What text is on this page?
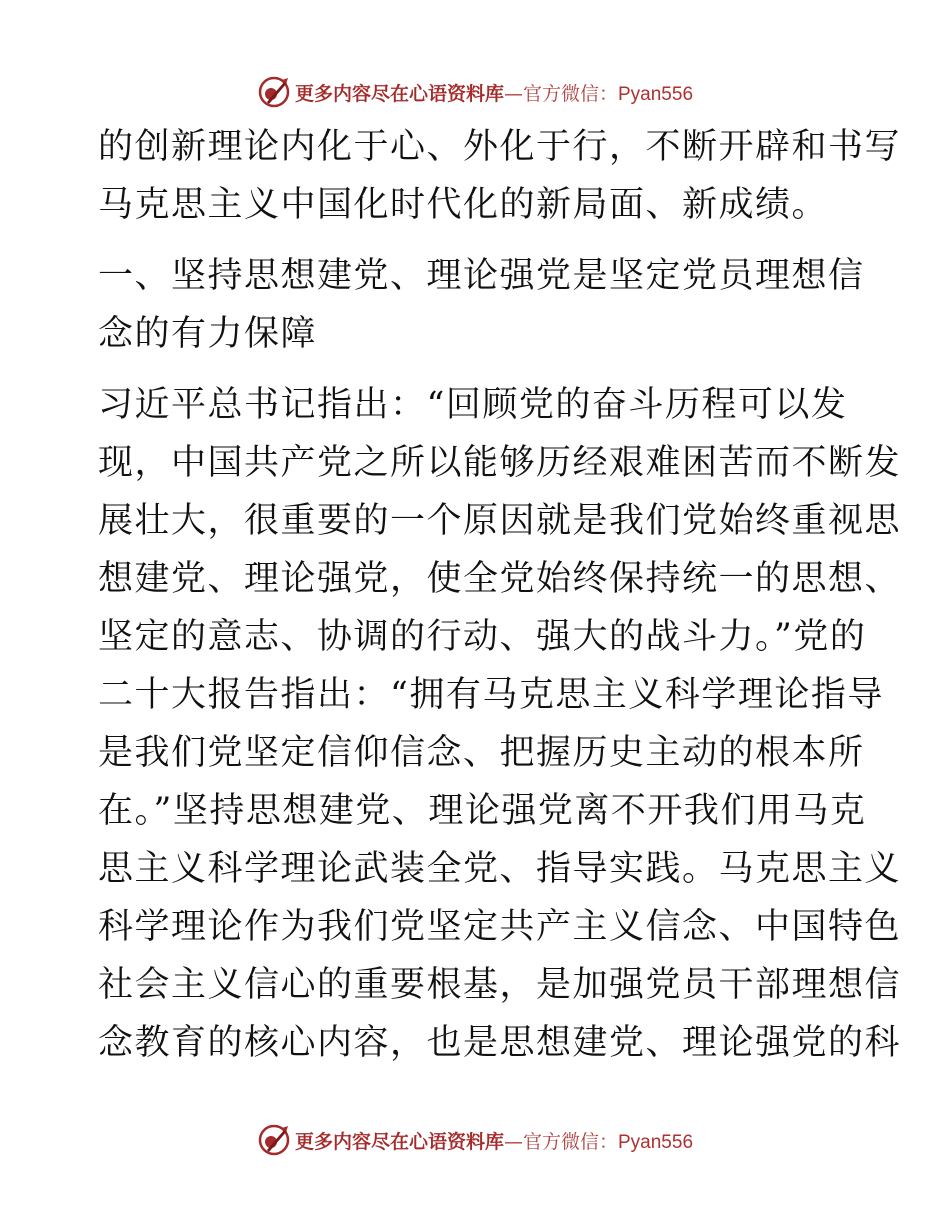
更多内容尽在心语资料库—官方微信：Pyan556
的创新理论内化于心、外化于行，不断开辟和书写
马克思主义中国化时代化的新局面、新成绩。
一、坚持思想建党、理论强党是坚定党员理想信
念的有力保障
习近平总书记指出：“回顾党的奋斗历程可以发
现，中国共产党之所以能够历经艰难困苦而不断发
展壮大，很重要的一个原因就是我们党始终重视思
想建党、理论强党，使全党始终保持统一的思想、
坚定的意志、协调的行动、强大的战斗力。”党的
二十大报告指出：“拥有马克思主义科学理论指导
是我们党坚定信仰信念、把握历史主动的根本所
在。”坚持思想建党、理论强党离不开我们用马克
思主义科学理论武装全党、指导实践。马克思主义
科学理论作为我们党坚定共产主义信念、中国特色
社会主义信心的重要根基，是加强党员干部理想信
念教育的核心内容，也是思想建党、理论强党的科
更多内容尽在心语资料库—官方微信：Pyan556
